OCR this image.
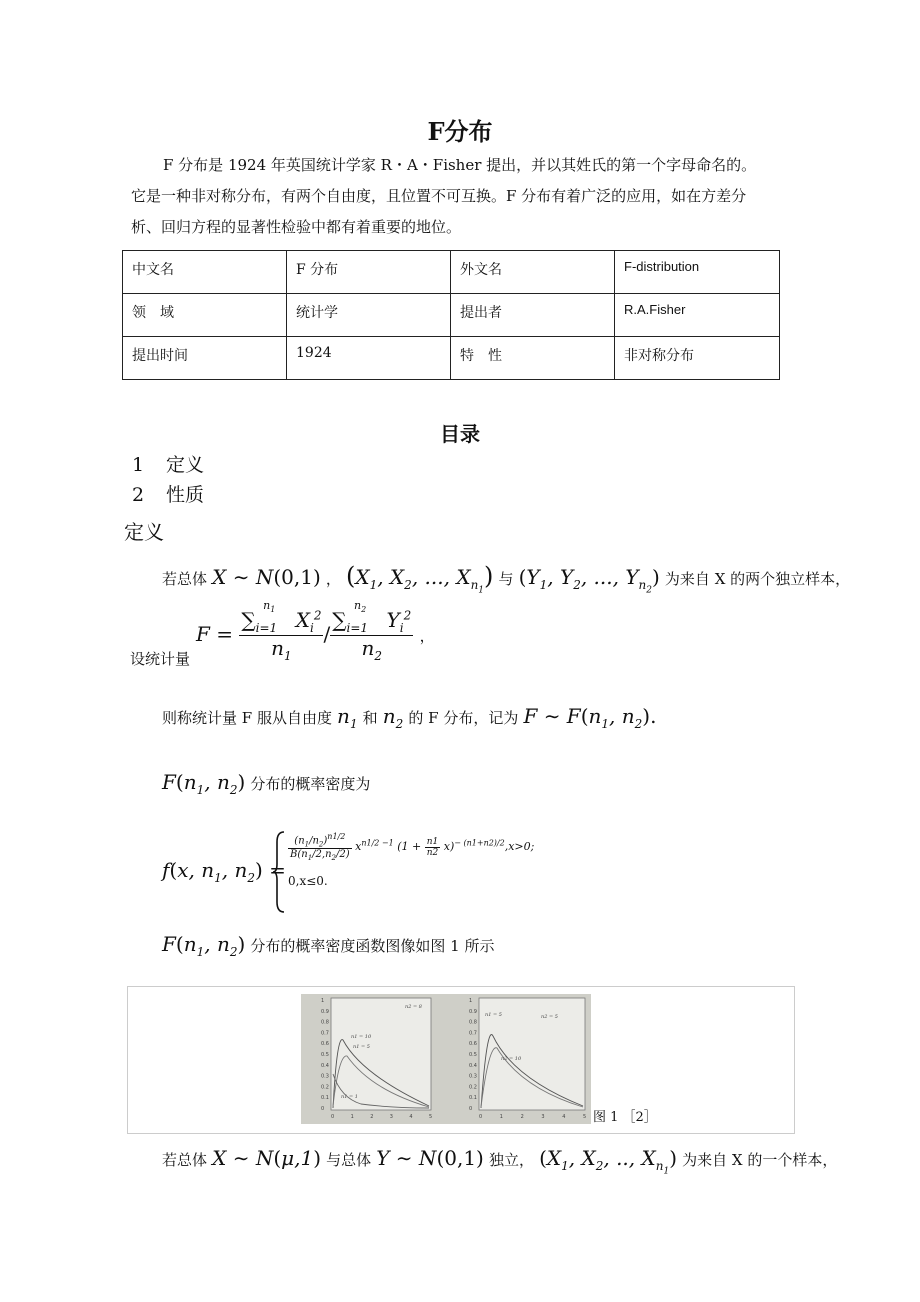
F分布
F 分布是 1924 年英国统计学家 R・A・Fisher 提出，并以其姓氏的第一个字母命名的。
它是一种非对称分布，有两个自由度，且位置不可互换。F 分布有着广泛的应用，如在方差分
析、回归方程的显著性检验中都有着重要的地位。
中文名	F 分布	外文名	F-distribution
领　域	统计学	提出者	R.A.Fisher
提出时间	1924	特　性	非对称分布
目录
1 定义
2 性质
定义
若总体 X ∼ N(0,1) ， ($X_1$, $X_2$, ..., $X_{n_1}$) 与 ($Y_1$, $Y_2$, ..., $Y_{n_2}$) 为来自 X 的两个独立样本，
设统计量
$F = \frac{\sum_{i=1}^{n_1} X_i^2}{n_1} / \frac{\sum_{i=1}^{n_2} Y_i^2}{n_2}$ ，
则称统计量 F 服从自由度 $n_1$ 和 $n_2$ 的 F 分布，记为 F ∼ $F(n_1$, $n_2$).
$F(n_1$, $n_2$) 分布的概率密度为
f(x, $n_1$, $n_2$) =
$\frac{(n_1/n_2)^{n1/2}}{B(n_1/2,n_2/2)} x^{n1/2 -1}$ $(1 + \frac{n1}{n2} x)^{- (n1+n2)/2},x>0$;
0,x≤0.
$F(n_1$, $n_2$) 分布的概率密度函数图像如图 1 所示
1
0.9
0.8
0.7
0.6
0.5
0.4
0.3
0.2
0.1
0
0	1	2	3	4	5
n2 = 8
n1 = 10
n1 = 5
n1 = 1
1
0.9
0.8
0.7
0.6
0.5
0.4
0.3
0.2
0.1
0
0	1	2	3	4	5
n1 = 5	n2 = 5
n2 = 10
图 1 ［2］
若总体 X ∼ N(μ,1) 与总体 Y ∼ N(0,1) 独立， ($X_1$, $X_2$, .., $X_{n_1}$) 为来自 X 的一个样本，
